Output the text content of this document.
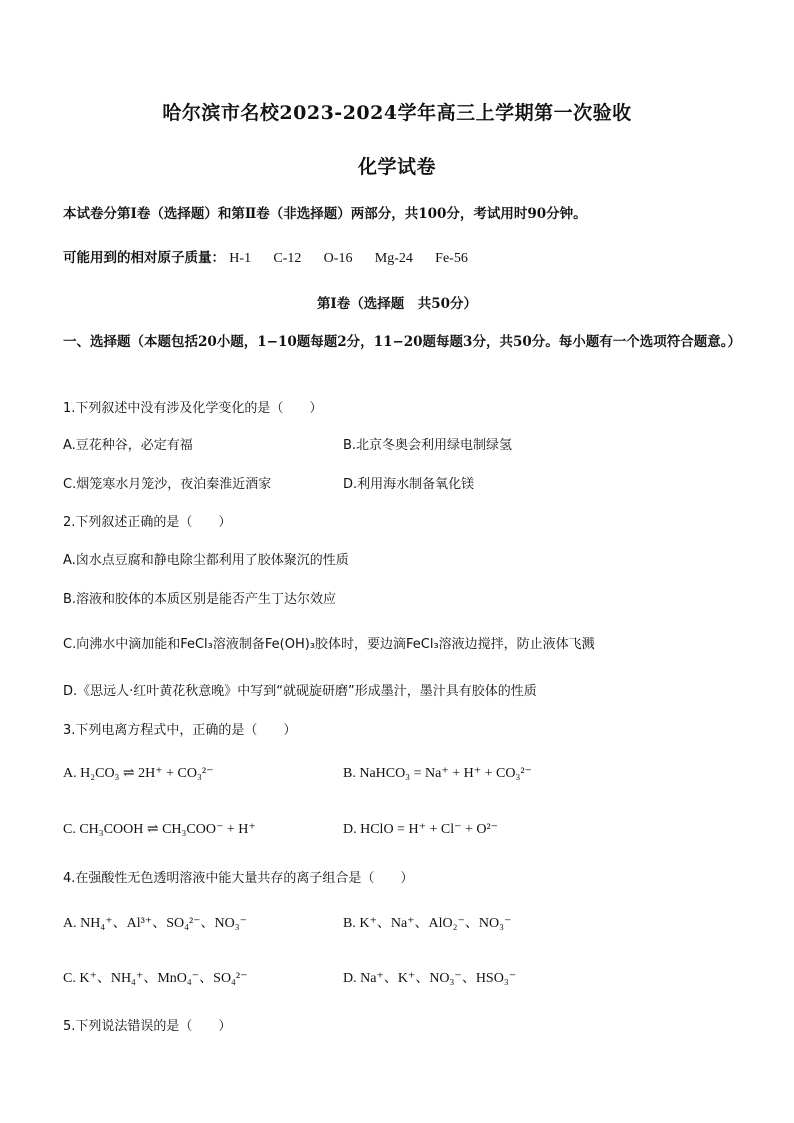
哈尔滨市名校2023-2024学年高三上学期第一次验收
化学试卷
本试卷分第Ⅰ卷（选择题）和第Ⅱ卷（非选择题）两部分，共100分，考试用时90分钟。
可能用到的相对原子质量： H-1 C-12 O-16 Mg-24 Fe-56
第Ⅰ卷（选择题　共50分）
一、选择题（本题包括20小题，1−10题每题2分，11−20题每题3分，共50分。每小题有一个选项符合题意。）
1.下列叙述中没有涉及化学变化的是（　　）
A.豆花种谷，必定有福	B.北京冬奥会利用绿电制绿氢
C.烟笼寒水月笼沙，夜泊秦淮近酒家	D.利用海水制备氧化镁
2.下列叙述正确的是（　　）
A.囟水点豆腐和静电除尘都利用了胶体聚沉的性质
B.溶液和胶体的本质区别是能否产生丁达尔效应
C.向沸水中滴加能和FeCl₃溶液制备Fe(OH)₃胶体时，要边滴FeCl₃溶液边搅拌，防止液体飞溅
D.《思远人·红叶黄花秋意晚》中写到“就砚旋研磨”形成墨汁，墨汁具有胶体的性质
3.下列电离方程式中，正确的是（　　）
A. H₂CO₃ ⇌ 2H⁺ + CO₃²⁻	B. NaHCO₃ = Na⁺ + H⁺ + CO₃²⁻
C. CH₃COOH ⇌ CH₃COO⁻ + H⁺	D. HClO = H⁺ + Cl⁻ + O²⁻
4.在强酸性无色透明溶液中能大量共存的离子组合是（　　）
A. NH₄⁺、Al³⁺、SO₄²⁻、NO₃⁻	B. K⁺、Na⁺、AlO₂⁻、NO₃⁻
C. K⁺、NH₄⁺、MnO₄⁻、SO₄²⁻	D. Na⁺、K⁺、NO₃⁻、HSO₃⁻
5.下列说法错误的是（　　）
